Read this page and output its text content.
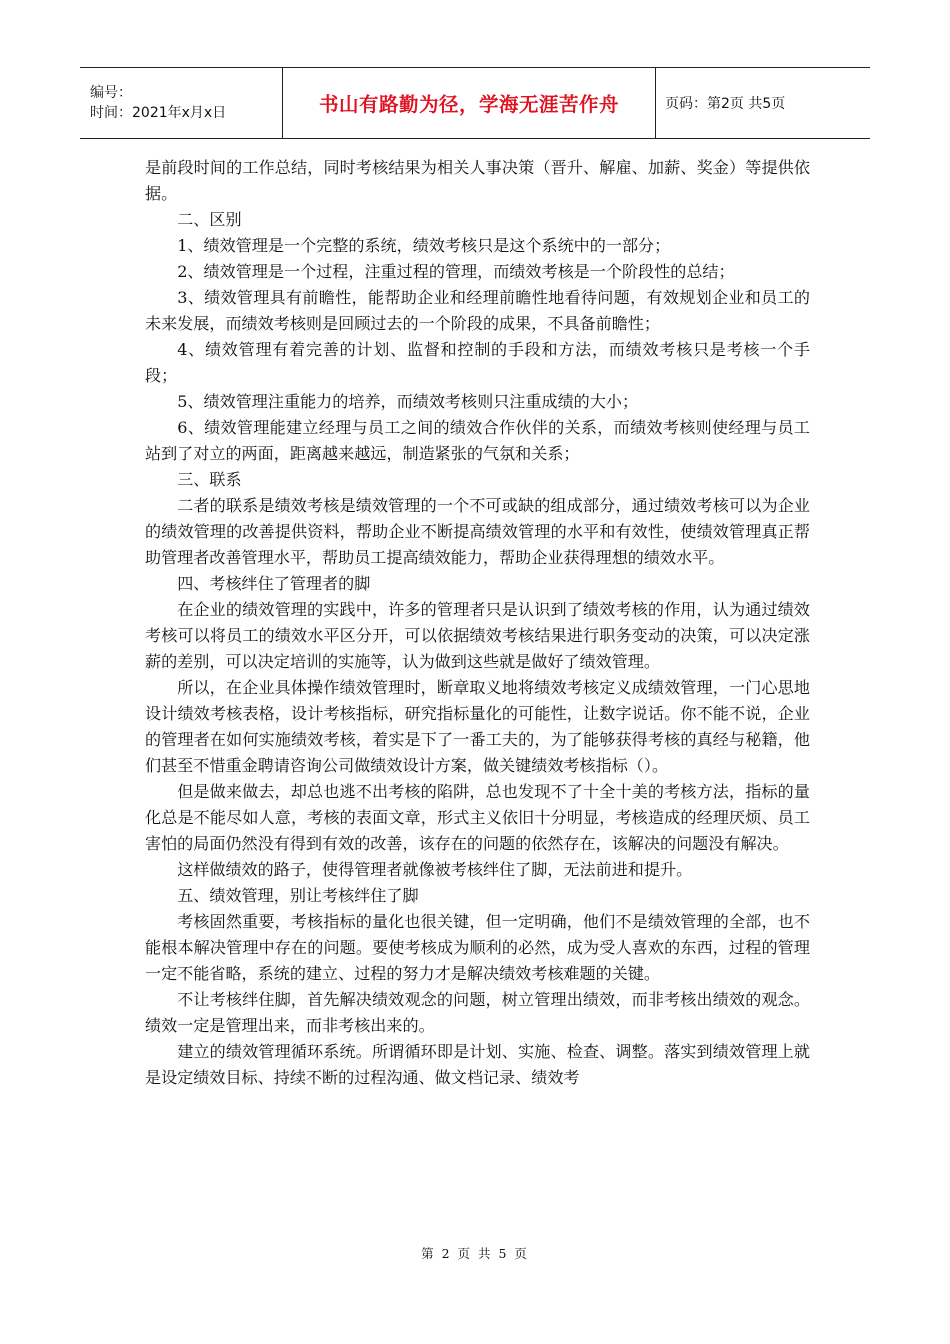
编号：
时间：2021年x月x日	书山有路勤为径，学海无涯苦作舟	页码：第2页 共5页

是前段时间的工作总结，同时考核结果为相关人事决策（晋升、解雇、加薪、奖金）等提供依据。

二、区别

1、绩效管理是一个完整的系统，绩效考核只是这个系统中的一部分；

2、绩效管理是一个过程，注重过程的管理，而绩效考核是一个阶段性的总结；

3、绩效管理具有前瞻性，能帮助企业和经理前瞻性地看待问题，有效规划企业和员工的未来发展，而绩效考核则是回顾过去的一个阶段的成果，不具备前瞻性；

4、绩效管理有着完善的计划、监督和控制的手段和方法，而绩效考核只是考核一个手段；

5、绩效管理注重能力的培养，而绩效考核则只注重成绩的大小；

6、绩效管理能建立经理与员工之间的绩效合作伙伴的关系，而绩效考核则使经理与员工站到了对立的两面，距离越来越远，制造紧张的气氛和关系；

三、联系

二者的联系是绩效考核是绩效管理的一个不可或缺的组成部分，通过绩效考核可以为企业的绩效管理的改善提供资料，帮助企业不断提高绩效管理的水平和有效性，使绩效管理真正帮助管理者改善管理水平，帮助员工提高绩效能力，帮助企业获得理想的绩效水平。

四、考核绊住了管理者的脚

在企业的绩效管理的实践中，许多的管理者只是认识到了绩效考核的作用，认为通过绩效考核可以将员工的绩效水平区分开，可以依据绩效考核结果进行职务变动的决策，可以决定涨薪的差别，可以决定培训的实施等，认为做到这些就是做好了绩效管理。

所以，在企业具体操作绩效管理时，断章取义地将绩效考核定义成绩效管理，一门心思地设计绩效考核表格，设计考核指标，研究指标量化的可能性，让数字说话。你不能不说，企业的管理者在如何实施绩效考核，着实是下了一番工夫的，为了能够获得考核的真经与秘籍，他们甚至不惜重金聘请咨询公司做绩效设计方案，做关键绩效考核指标（）。

但是做来做去，却总也逃不出考核的陷阱，总也发现不了十全十美的考核方法，指标的量化总是不能尽如人意，考核的表面文章，形式主义依旧十分明显，考核造成的经理厌烦、员工害怕的局面仍然没有得到有效的改善，该存在的问题的依然存在，该解决的问题没有解决。

这样做绩效的路子，使得管理者就像被考核绊住了脚，无法前进和提升。

五、绩效管理，别让考核绊住了脚

考核固然重要，考核指标的量化也很关键，但一定明确，他们不是绩效管理的全部，也不能根本解决管理中存在的问题。要使考核成为顺利的必然，成为受人喜欢的东西，过程的管理一定不能省略，系统的建立、过程的努力才是解决绩效考核难题的关键。

不让考核绊住脚，首先解决绩效观念的问题，树立管理出绩效，而非考核出绩效的观念。绩效一定是管理出来，而非考核出来的。

建立的绩效管理循环系统。所谓循环即是计划、实施、检查、调整。落实到绩效管理上就是设定绩效目标、持续不断的过程沟通、做文档记录、绩效考

第 2 页 共 5 页
